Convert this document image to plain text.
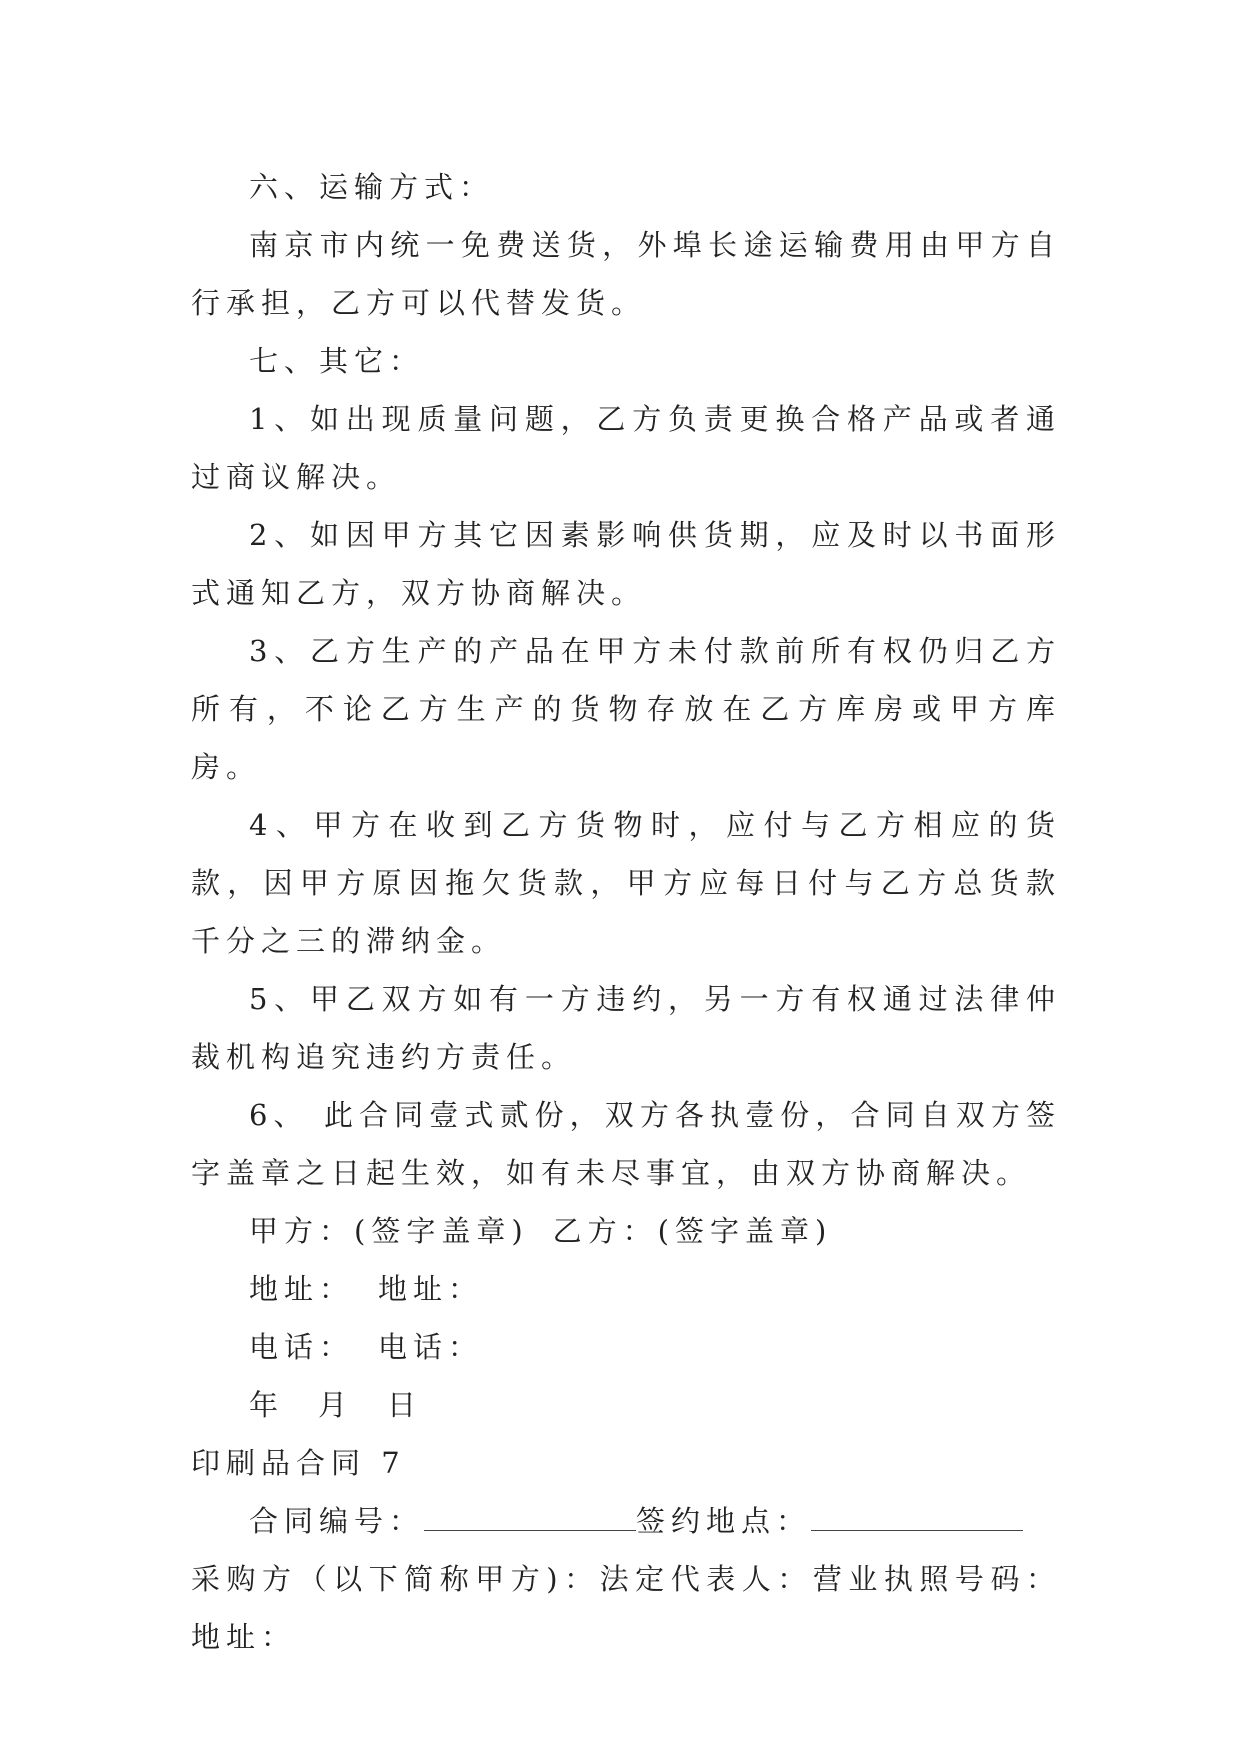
六、运输方式：

南京市内统一免费送货，外埠长途运输费用由甲方自行承担，乙方可以代替发货。

七、其它：

1、如出现质量问题，乙方负责更换合格产品或者通过商议解决。

2、如因甲方其它因素影响供货期，应及时以书面形式通知乙方，双方协商解决。

3、乙方生产的产品在甲方未付款前所有权仍归乙方所有，不论乙方生产的货物存放在乙方库房或甲方库房。

4、甲方在收到乙方货物时，应付与乙方相应的货款，因甲方原因拖欠货款，甲方应每日付与乙方总货款千分之三的滞纳金。

5、甲乙双方如有一方违约，另一方有权通过法律仲裁机构追究违约方责任。

6、 此合同壹式贰份，双方各执壹份，合同自双方签字盖章之日起生效，如有未尽事宜，由双方协商解决。

甲方：(签字盖章) 乙方：(签字盖章)

地址： 地址：

电话： 电话：

年 月 日

印刷品合同 7

合同编号：	签约地点：

采购方（以下简称甲方)：法定代表人：营业执照号码：地址：
